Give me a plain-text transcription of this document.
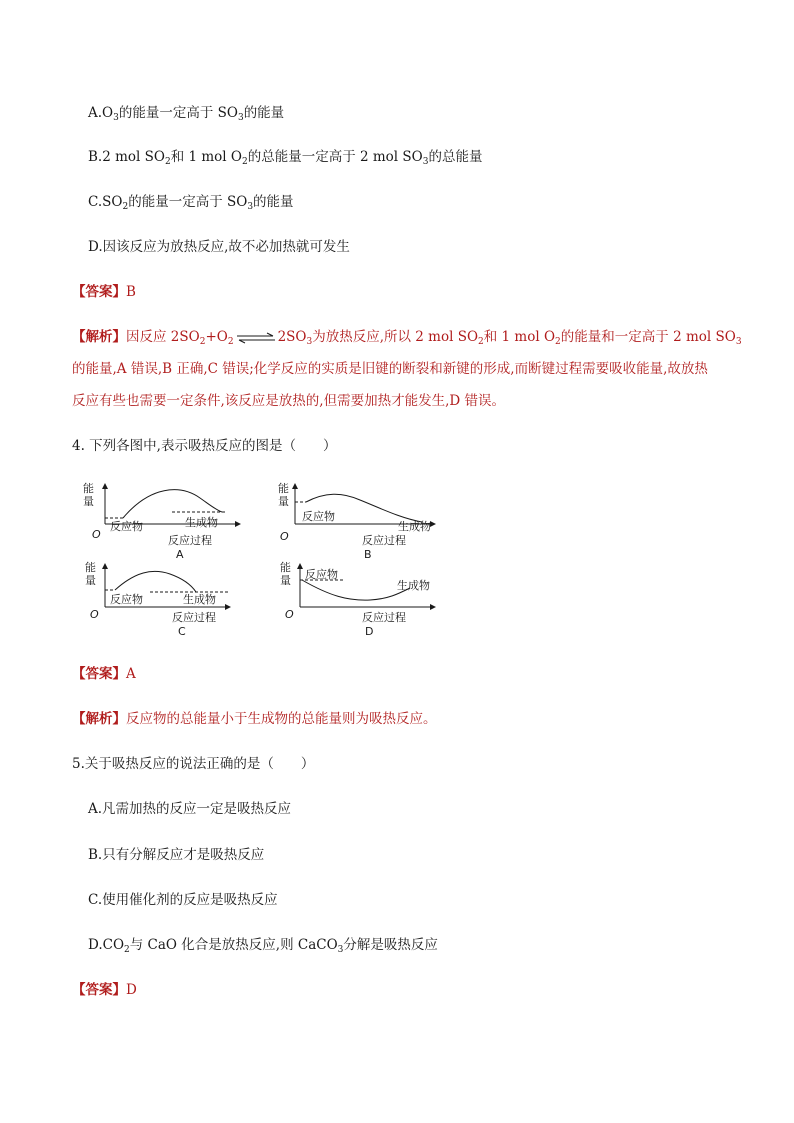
$A.O_3$的能量一定高于 $SO_3$的能量
B.2 mol $SO_2$和 1 mol $O_2$的总能量一定高于 2 mol $SO_3$的总能量
$C.SO_2$的能量一定高于 $SO_3$的能量
D.因该反应为放热反应,故不必加热就可发生
【答案】B
【解析】因反应 $2SO_2+O_2$ ⇌ $2SO_3$为放热反应,所以 2 mol $SO_2$和 1 mol $O_2$的能量和一定高于 2 mol $SO_3$
的能量,A 错误,B 正确,C 错误;化学反应的实质是旧键的断裂和新键的形成,而断键过程需要吸收能量,故放热
反应有些也需要一定条件,该反应是放热的,但需要加热才能发生,D 错误。
4. 下列各图中,表示吸热反应的图是（　　）
能
量
O
反应物	生成物
反应过程
A
能
量
O
反应物
生成物
反应过程
B
能
量
O
反应物	生成物
反应过程
C
能
量
O
反应物
生成物
反应过程
D
【答案】A
【解析】反应物的总能量小于生成物的总能量则为吸热反应。
5.关于吸热反应的说法正确的是（　　）
A.凡需加热的反应一定是吸热反应
B.只有分解反应才是吸热反应
C.使用催化剂的反应是吸热反应
$D.CO_2$与 CaO 化合是放热反应,则 CaCO$_3$分解是吸热反应
【答案】D
